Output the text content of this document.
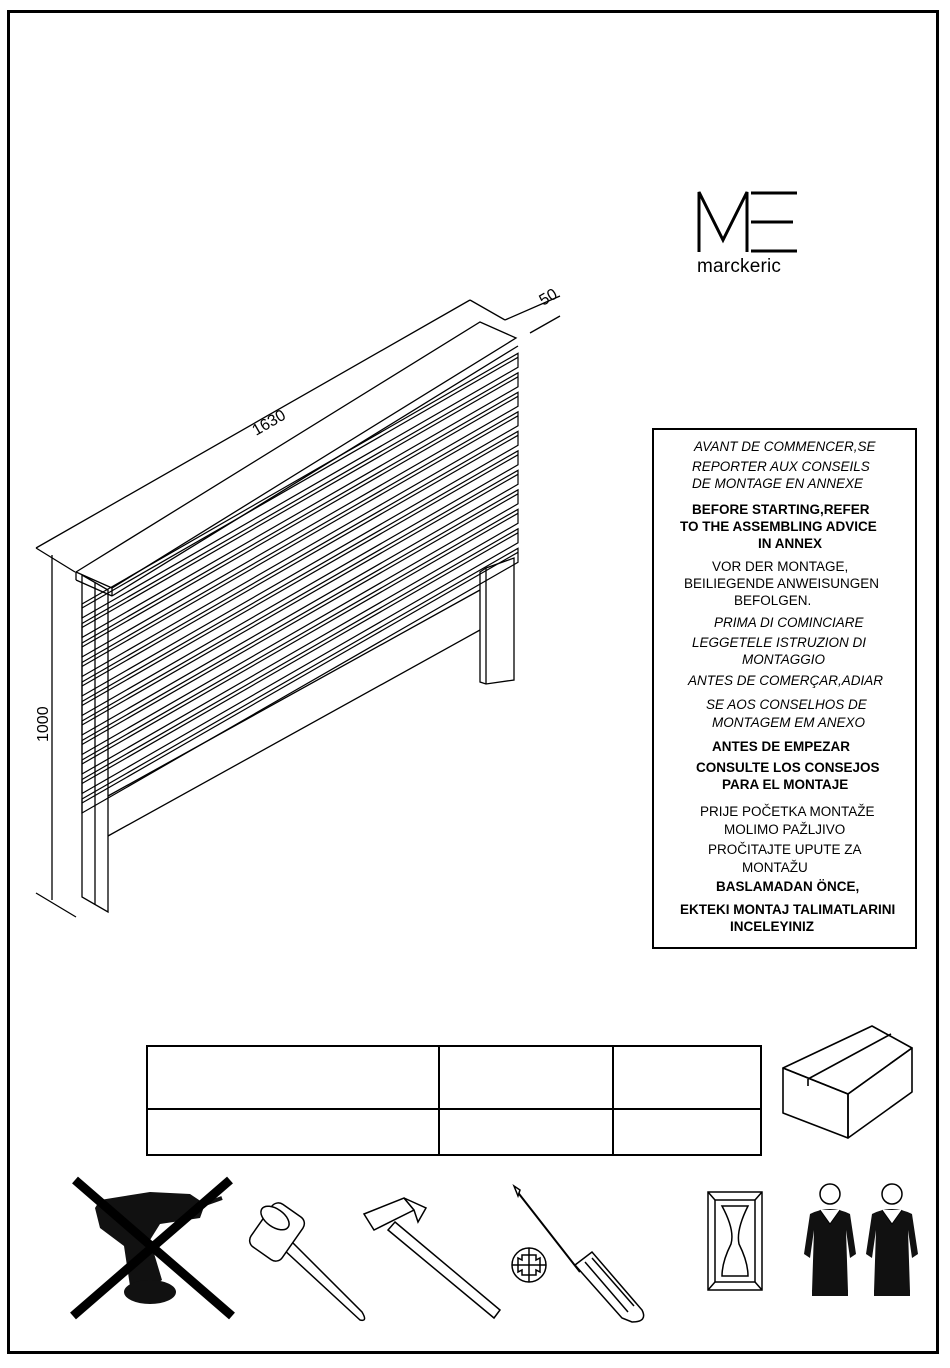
marckeric
1630
50
1000
AVANT DE COMMENCER,SE
REPORTER AUX CONSEILS
DE MONTAGE EN ANNEXE
BEFORE STARTING,REFER
TO THE ASSEMBLING ADVICE
IN ANNEX
VOR DER MONTAGE,
BEILIEGENDE ANWEISUNGEN
BEFOLGEN.
PRIMA DI COMINCIARE
LEGGETELE ISTRUZION DI
MONTAGGIO
ANTES DE COMERÇAR,ADIAR
SE AOS CONSELHOS DE
MONTAGEM EM ANEXO
ANTES DE EMPEZAR
CONSULTE LOS CONSEJOS
PARA EL MONTAJE
PRIJE POČETKA MONTAŽE
MOLIMO PAŽLJIVO
PROČITAJTE UPUTE ZA
MONTAŽU
BASLAMADAN ÖNCE,
EKTEKI MONTAJ TALIMATLARINI
INCELEYINIZ
